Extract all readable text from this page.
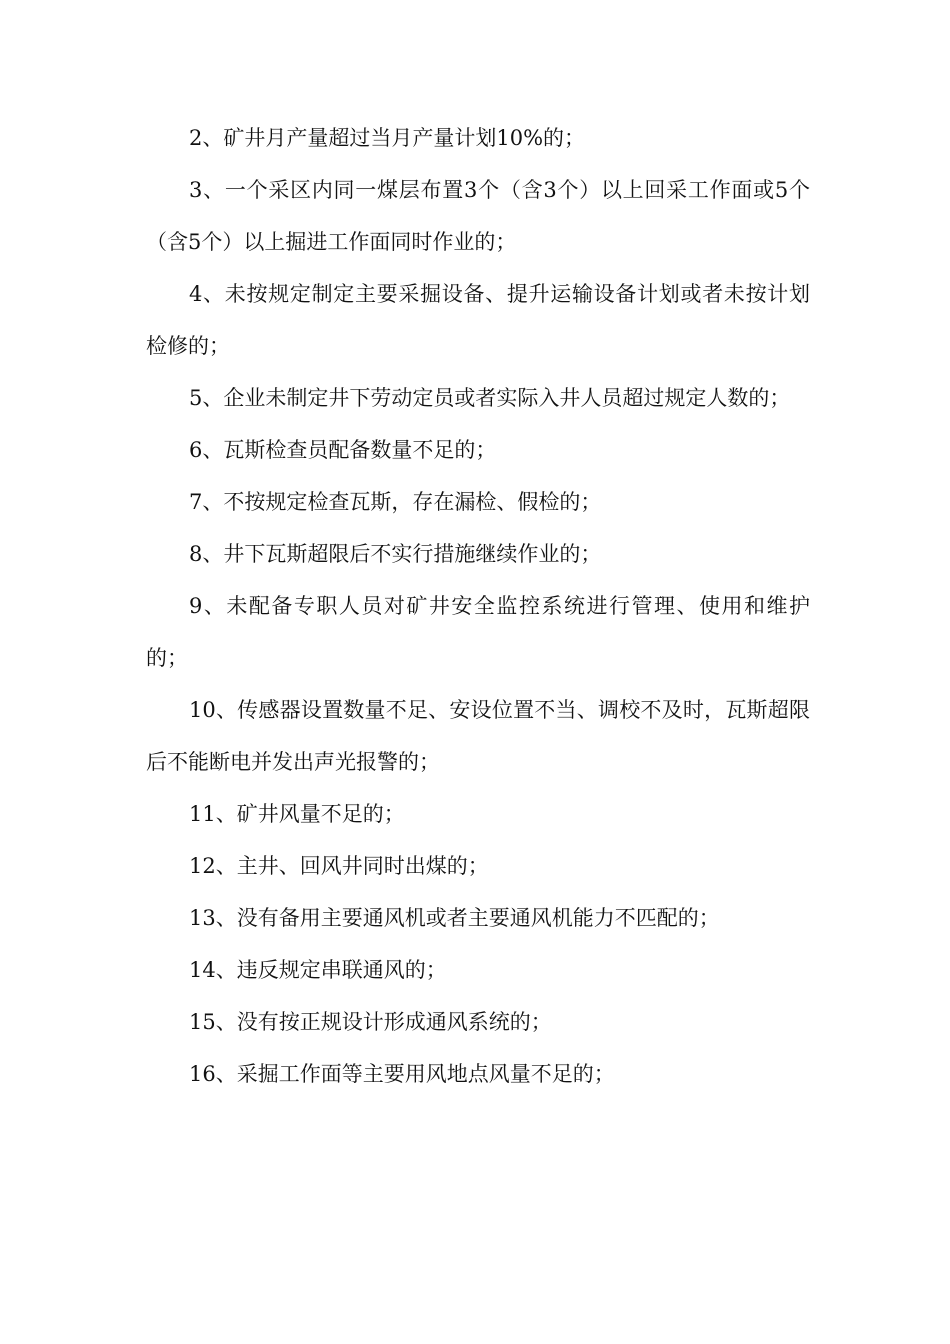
2、矿井月产量超过当月产量计划10%的；

3、一个采区内同一煤层布置3个（含3个）以上回采工作面或5个（含5个）以上掘进工作面同时作业的；

4、未按规定制定主要采掘设备、提升运输设备计划或者未按计划检修的；

5、企业未制定井下劳动定员或者实际入井人员超过规定人数的；

6、瓦斯检查员配备数量不足的；

7、不按规定检查瓦斯，存在漏检、假检的；

8、井下瓦斯超限后不实行措施继续作业的；

9、未配备专职人员对矿井安全监控系统进行管理、使用和维护的；

10、传感器设置数量不足、安设位置不当、调校不及时，瓦斯超限后不能断电并发出声光报警的；

11、矿井风量不足的；

12、主井、回风井同时出煤的；

13、没有备用主要通风机或者主要通风机能力不匹配的；

14、违反规定串联通风的；

15、没有按正规设计形成通风系统的；

16、采掘工作面等主要用风地点风量不足的；
